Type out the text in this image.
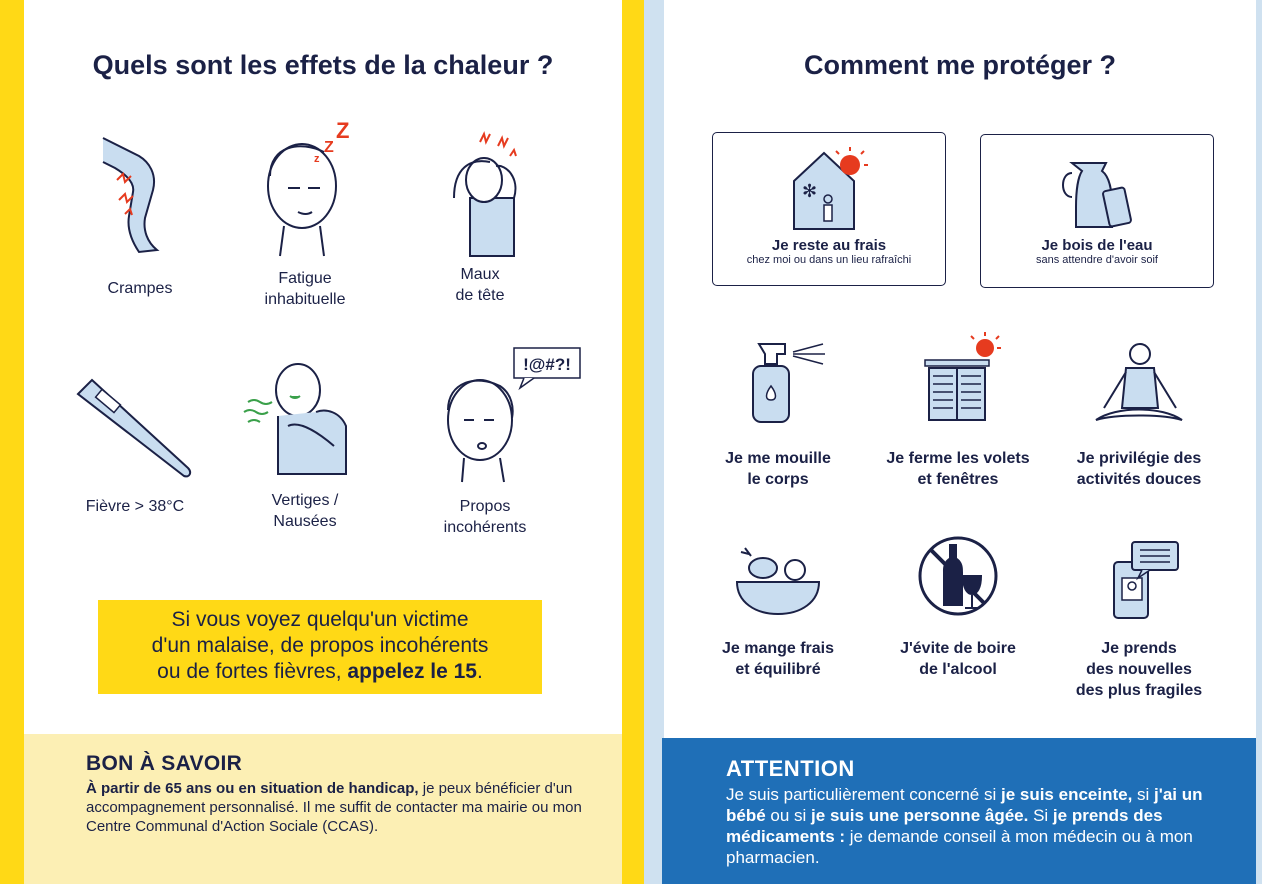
Quels sont les effets de la chaleur ?
Crampes
Z
Z
z
Fatigue
inhabituelle
Maux
de tête
Fièvre > 38°C	Vertiges /
Nausées
!@#?!
Propos
incohérents
Si vous voyez quelqu'un victime
d'un malaise, de propos incohérents
ou de fortes fièvres, appelez le 15.
BON À SAVOIR
À partir de 65 ans ou en situation de handicap, je peux bénéficier d'un accompagnement personnalisé. Il me suffit de contacter ma mairie ou mon Centre Communal d'Action Sociale (CCAS).
Comment me protéger ?
✻
Je reste au frais
chez moi ou dans un lieu rafraîchi
Je bois de l'eau
sans attendre d'avoir soif
Je me mouille
le corps
Je ferme les volets
et fenêtres
Je privilégie des
activités douces
Je mange frais
et équilibré
J'évite de boire
de l'alcool
Je prends
des nouvelles
des plus fragiles
ATTENTION
Je suis particulièrement concerné si je suis enceinte, si j'ai un bébé ou si je suis une personne âgée. Si je prends des médicaments : je demande conseil à mon médecin ou à mon pharmacien.
